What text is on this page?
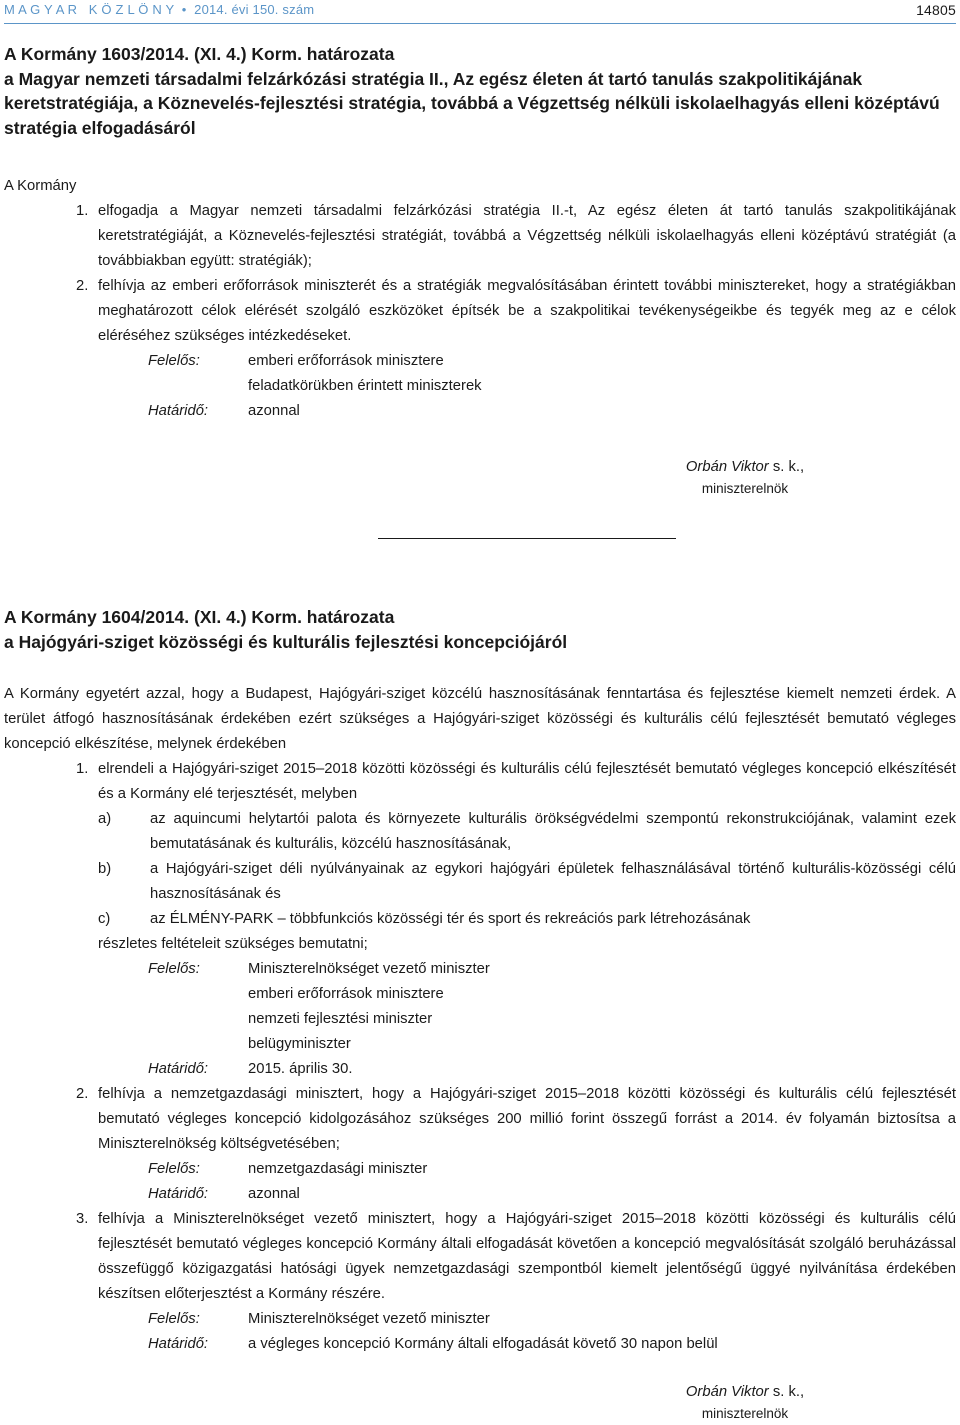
M A G Y A R   K Ö Z L Ö N Y  •  2014. évi 150. szám	14805
A Kormány 1603/2014. (XI. 4.) Korm. határozata
a Magyar nemzeti társadalmi felzárkózási stratégia II., Az egész életen át tartó tanulás szakpolitikájának keretstratégiája, a Köznevelés-fejlesztési stratégia, továbbá a Végzettség nélküli iskolaelhagyás elleni középtávú stratégia elfogadásáról
A Kormány
1. elfogadja a Magyar nemzeti társadalmi felzárkózási stratégia II.-t, Az egész életen át tartó tanulás szakpolitikájának keretstratégiáját, a Köznevelés-fejlesztési stratégiát, továbbá a Végzettség nélküli iskolaelhagyás elleni középtávú stratégiát (a továbbiakban együtt: stratégiák);
2. felhívja az emberi erőforrások miniszterét és a stratégiák megvalósításában érintett további minisztereket, hogy a stratégiákban meghatározott célok elérését szolgáló eszközöket építsék be a szakpolitikai tevékenységeikbe és tegyék meg az e célok eléréséhez szükséges intézkedéseket.
Felelős:	emberi erőforrások minisztere
feladatkörükben érintett miniszterek
Határidő:	azonnal
Orbán Viktor s. k.,
miniszterelnök
A Kormány 1604/2014. (XI. 4.) Korm. határozata
a Hajógyári-sziget közösségi és kulturális fejlesztési koncepciójáról
A Kormány egyetért azzal, hogy a Budapest, Hajógyári-sziget közcélú hasznosításának fenntartása és fejlesztése kiemelt nemzeti érdek. A terület átfogó hasznosításának érdekében ezért szükséges a Hajógyári-sziget közösségi és kulturális célú fejlesztését bemutató végleges koncepció elkészítése, melynek érdekében
1. elrendeli a Hajógyári-sziget 2015–2018 közötti közösségi és kulturális célú fejlesztését bemutató végleges koncepció elkészítését és a Kormány elé terjesztését, melyben
a)	az aquincumi helytartói palota és környezete kulturális örökségvédelmi szempontú rekonstrukciójának, valamint ezek bemutatásának és kulturális, közcélú hasznosításának,
b)	a Hajógyári-sziget déli nyúlványainak az egykori hajógyári épületek felhasználásával történő kulturális-közösségi célú hasznosításának és
c)	az ÉLMÉNY-PARK – többfunkciós közösségi tér és sport és rekreációs park létrehozásának
részletes feltételeit szükséges bemutatni;
Felelős:	Miniszterelnökséget vezető miniszter
emberi erőforrások minisztere
nemzeti fejlesztési miniszter
belügyminiszter
Határidő:	2015. április 30.
2. felhívja a nemzetgazdasági minisztert, hogy a Hajógyári-sziget 2015–2018 közötti közösségi és kulturális célú fejlesztését bemutató végleges koncepció kidolgozásához szükséges 200 millió forint összegű forrást a 2014. év folyamán biztosítsa a Miniszterelnökség költségvetésében;
Felelős:	nemzetgazdasági miniszter
Határidő:	azonnal
3. felhívja a Miniszterelnökséget vezető minisztert, hogy a Hajógyári-sziget 2015–2018 közötti közösségi és kulturális célú fejlesztését bemutató végleges koncepció Kormány általi elfogadását követően a koncepció megvalósítását szolgáló beruházással összefüggő közigazgatási hatósági ügyek nemzetgazdasági szempontból kiemelt jelentőségű üggyé nyilvánítása érdekében készítsen előterjesztést a Kormány részére.
Felelős:	Miniszterelnökséget vezető miniszter
Határidő:	a végleges koncepció Kormány általi elfogadását követő 30 napon belül
Orbán Viktor s. k.,
miniszterelnök
